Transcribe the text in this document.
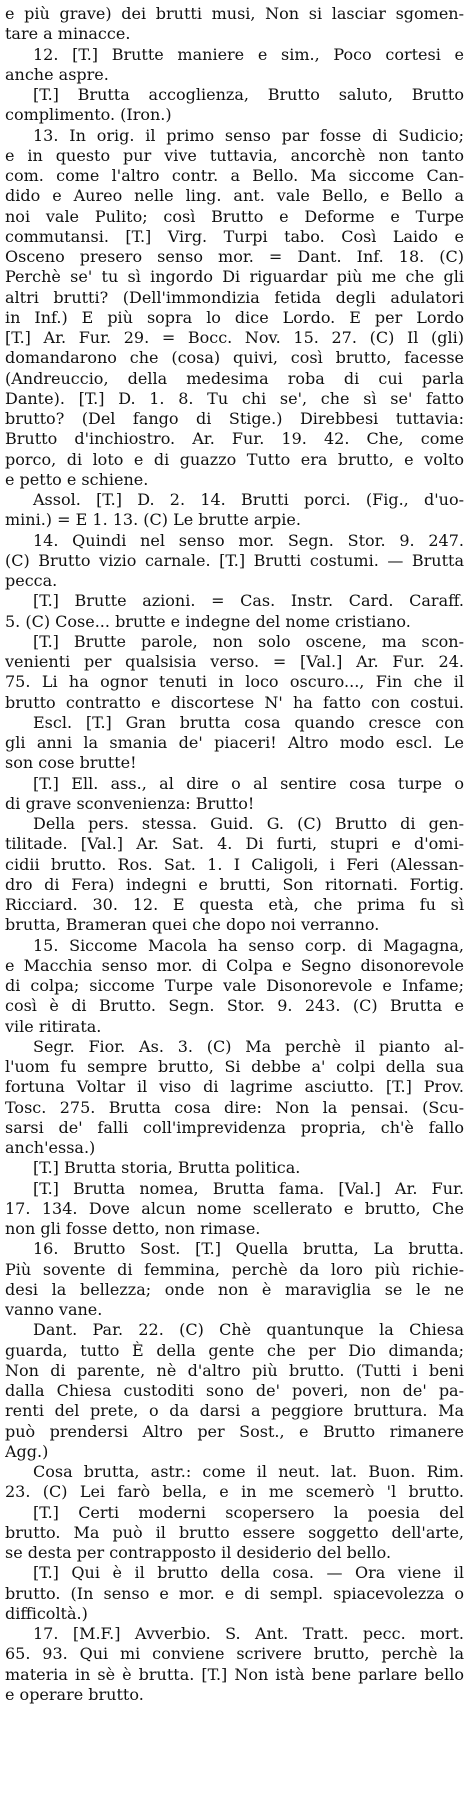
e più grave) dei brutti musi, Non si lasciar sgomen-
tare a minacce.
12. [T.] Brutte maniere e sim., Poco cortesi e
anche aspre.
[T.] Brutta accoglienza, Brutto saluto, Brutto
complimento. (Iron.)
13. In orig. il primo senso par fosse di Sudicio;
e in questo pur vive tuttavia, ancorchè non tanto
com. come l'altro contr. a Bello. Ma siccome Can-
dido e Aureo nelle ling. ant. vale Bello, e Bello a
noi vale Pulito; così Brutto e Deforme e Turpe
commutansi. [T.] Virg. Turpi tabo. Così Laido e
Osceno presero senso mor. = Dant. Inf. 18. (C)
Perchè se' tu sì ingordo Di riguardar più me che gli
altri brutti? (Dell'immondizia fetida degli adulatori
in Inf.) E più sopra lo dice Lordo. E per Lordo
[T.] Ar. Fur. 29. = Bocc. Nov. 15. 27. (C) Il (gli)
domandarono che (cosa) quivi, così brutto, facesse
(Andreuccio, della medesima roba di cui parla
Dante). [T.] D. 1. 8. Tu chi se', che sì se' fatto
brutto? (Del fango di Stige.) Direbbesi tuttavia:
Brutto d'inchiostro. Ar. Fur. 19. 42. Che, come
porco, di loto e di guazzo Tutto era brutto, e volto
e petto e schiene.
Assol. [T.] D. 2. 14. Brutti porci. (Fig., d'uo-
mini.) = E 1. 13. (C) Le brutte arpie.
14. Quindi nel senso mor. Segn. Stor. 9. 247.
(C) Brutto vizio carnale. [T.] Brutti costumi. — Brutta
pecca.
[T.] Brutte azioni. = Cas. Instr. Card. Caraff.
5. (C) Cose... brutte e indegne del nome cristiano.
[T.] Brutte parole, non solo oscene, ma scon-
venienti per qualsisia verso. = [Val.] Ar. Fur. 24.
75. Li ha ognor tenuti in loco oscuro..., Fin che il
brutto contratto e discortese N' ha fatto con costui.
Escl. [T.] Gran brutta cosa quando cresce con
gli anni la smania de' piaceri! Altro modo escl. Le
son cose brutte!
[T.] Ell. ass., al dire o al sentire cosa turpe o
di grave sconvenienza: Brutto!
Della pers. stessa. Guid. G. (C) Brutto di gen-
tilitade. [Val.] Ar. Sat. 4. Di furti, stupri e d'omi-
cidii brutto. Ros. Sat. 1. I Caligoli, i Feri (Alessan-
dro di Fera) indegni e brutti, Son ritornati. Fortig.
Ricciard. 30. 12. E questa età, che prima fu sì
brutta, Brameran quei che dopo noi verranno.
15. Siccome Macola ha senso corp. di Magagna,
e Macchia senso mor. di Colpa e Segno disonorevole
di colpa; siccome Turpe vale Disonorevole e Infame;
così è di Brutto. Segn. Stor. 9. 243. (C) Brutta e
vile ritirata.
Segr. Fior. As. 3. (C) Ma perchè il pianto al-
l'uom fu sempre brutto, Si debbe a' colpi della sua
fortuna Voltar il viso di lagrime asciutto. [T.] Prov.
Tosc. 275. Brutta cosa dire: Non la pensai. (Scu-
sarsi de' falli coll'imprevidenza propria, ch'è fallo
anch'essa.)
[T.] Brutta storia, Brutta politica.
[T.] Brutta nomea, Brutta fama. [Val.] Ar. Fur.
17. 134. Dove alcun nome scellerato e brutto, Che
non gli fosse detto, non rimase.
16. Brutto Sost. [T.] Quella brutta, La brutta.
Più sovente di femmina, perchè da loro più richie-
desi la bellezza; onde non è maraviglia se le ne
vanno vane.
Dant. Par. 22. (C) Chè quantunque la Chiesa
guarda, tutto È della gente che per Dio dimanda;
Non di parente, nè d'altro più brutto. (Tutti i beni
dalla Chiesa custoditi sono de' poveri, non de' pa-
renti del prete, o da darsi a peggiore bruttura. Ma
può prendersi Altro per Sost., e Brutto rimanere
Agg.)
Cosa brutta, astr.: come il neut. lat. Buon. Rim.
23. (C) Lei farò bella, e in me scemerò 'l brutto.
[T.] Certi moderni scopersero la poesia del
brutto. Ma può il brutto essere soggetto dell'arte,
se desta per contrapposto il desiderio del bello.
[T.] Qui è il brutto della cosa. — Ora viene il
brutto. (In senso e mor. e di sempl. spiacevolezza o
difficoltà.)
17. [M.F.] Avverbio. S. Ant. Tratt. pecc. mort.
65. 93. Qui mi conviene scrivere brutto, perchè la
materia in sè è brutta. [T.] Non istà bene parlare bello
e operare brutto.
